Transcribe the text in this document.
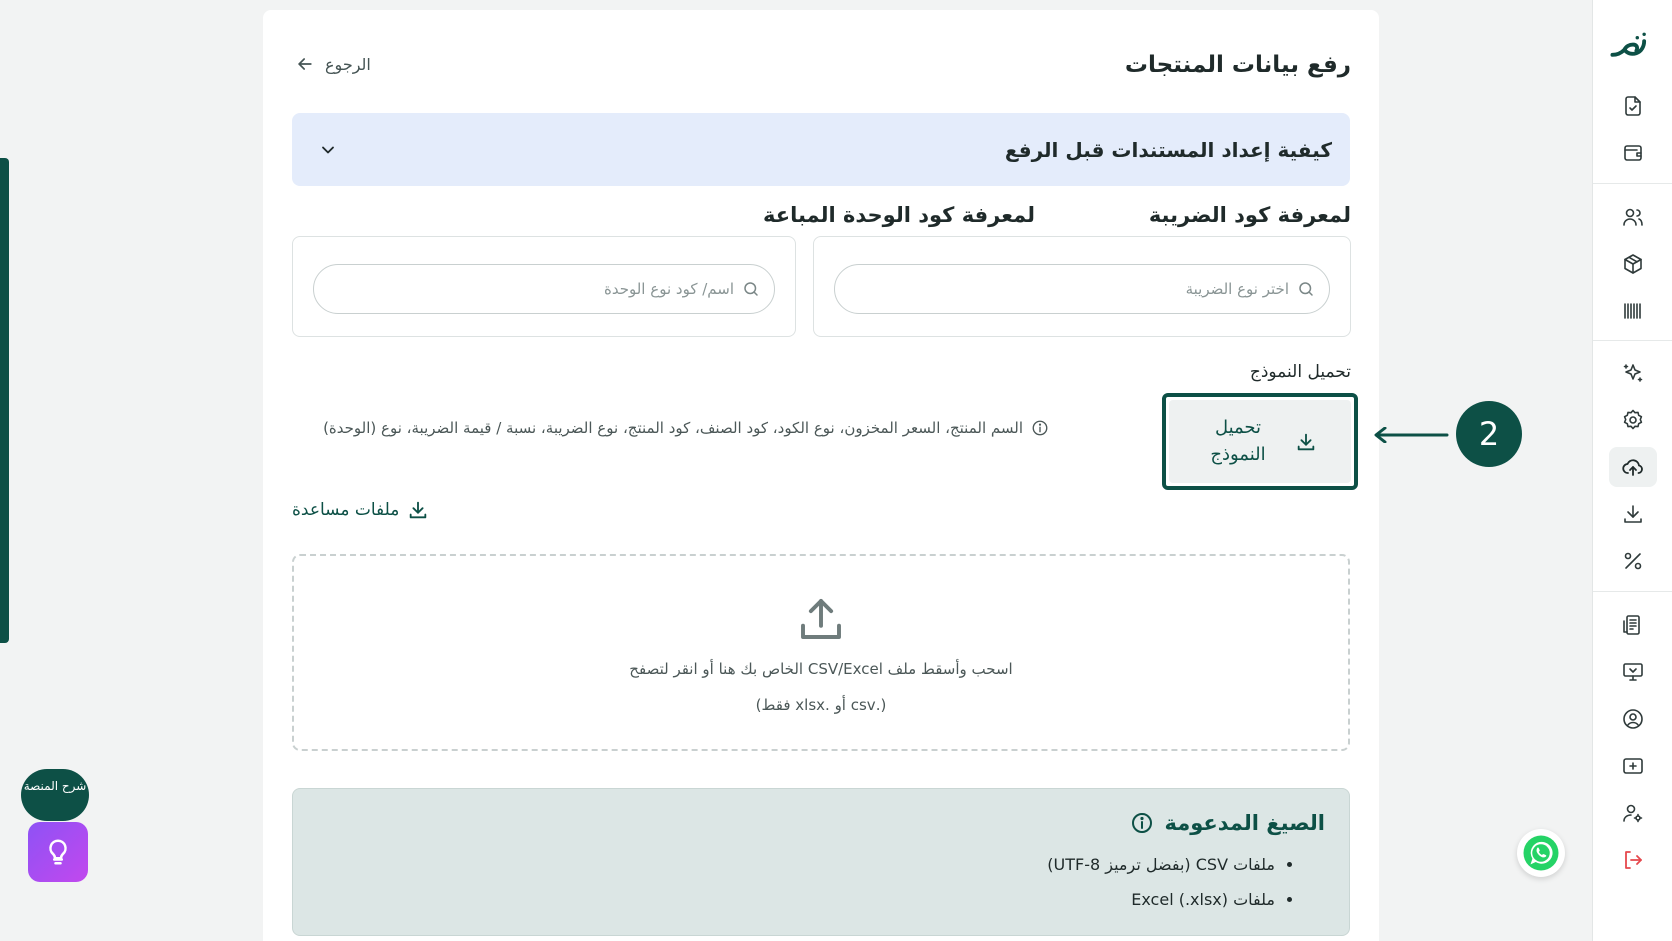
رفع بيانات المنتجات
الرجوع
كيفية إعداد المستندات قبل الرفع
لمعرفة كود الضريبة
لمعرفة كود الوحدة المباعة
اختر نوع الضريبة
اسم/ كود نوع الوحدة
تحميل النموذج
تحميل النموذج

السم المنتج، السعر المخزون، نوع الكود، كود الصنف، كود المنتج، نوع الضريبة، نسبة / قيمة الضريبة، نوع (الوحدة)

ملفات مساعدة
اسحب وأسقط ملف CSV/Excel الخاص بك هنا أو انقر لتصفح
(.csv أو .xlsx فقط)
الصيغ المدعومة
• ملفات CSV (بفضل ترميز UTF-8)
• ملفات Excel (.xlsx)
2
شرح المنصة
